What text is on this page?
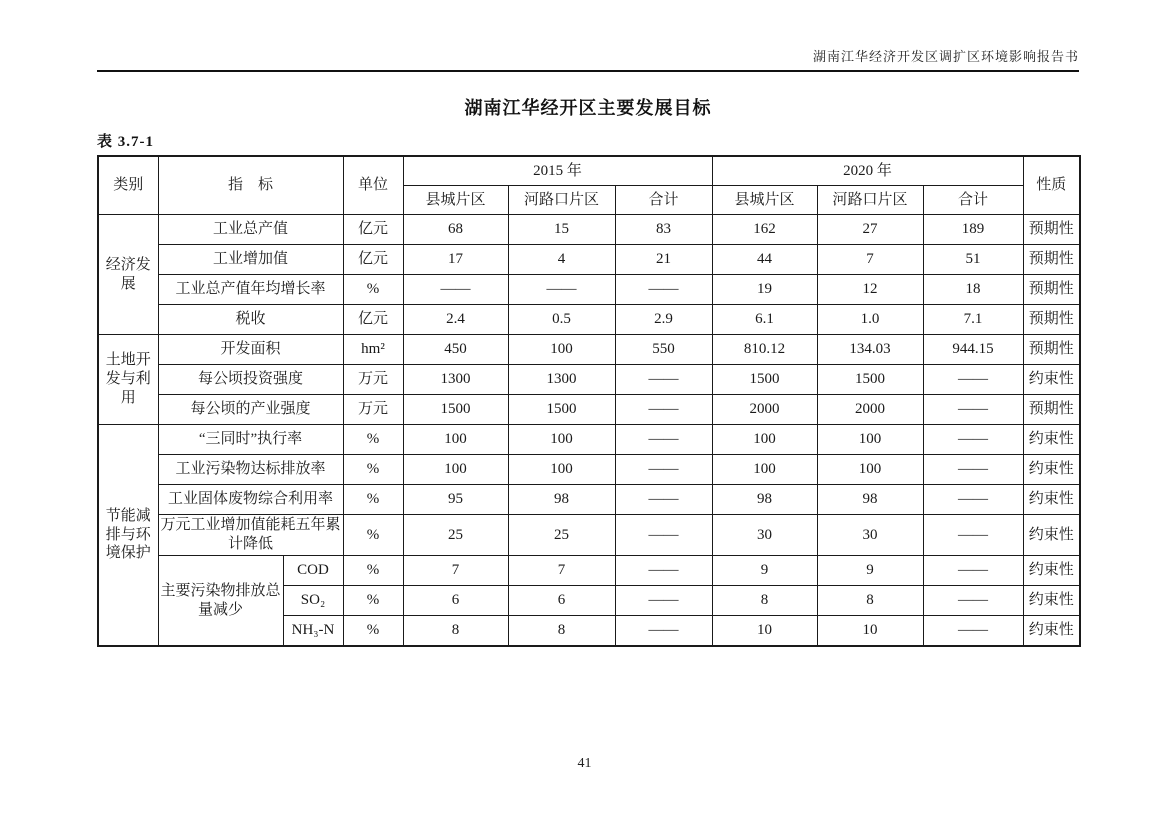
湖南江华经济开发区调扩区环境影响报告书
湖南江华经开区主要发展目标
表 3.7-1
类别	指　标		单位	2015 年			2020 年			性质
				县城片区	河路口片区	合计	县城片区	河路口片区	合计	
经济发展	工业总产值		亿元	68	15	83	162	27	189	预期性
	工业增加值		亿元	17	4	21	44	7	51	预期性
	工业总产值年均增长率		%	——	——	——	19	12	18	预期性
	税收		亿元	2.4	0.5	2.9	6.1	1.0	7.1	预期性
土地开发与利用	开发面积		hm²	450	100	550	810.12	134.03	944.15	预期性
	每公顷投资强度		万元	1300	1300	——	1500	1500	——	约束性
	每公顷的产业强度		万元	1500	1500	——	2000	2000	——	预期性
节能减排与环境保护	“三同时”执行率		%	100	100	——	100	100	——	约束性
	工业污染物达标排放率		%	100	100	——	100	100	——	约束性
	工业固体废物综合利用率		%	95	98	——	98	98	——	约束性
	万元工业增加值能耗五年累计降低		%	25	25	——	30	30	——	约束性
	主要污染物排放总量减少	COD	%	7	7	——	9	9	——	约束性
		SO₂	%	6	6	——	8	8	——	约束性
		NH₃-N	%	8	8	——	10	10	——	约束性
41
